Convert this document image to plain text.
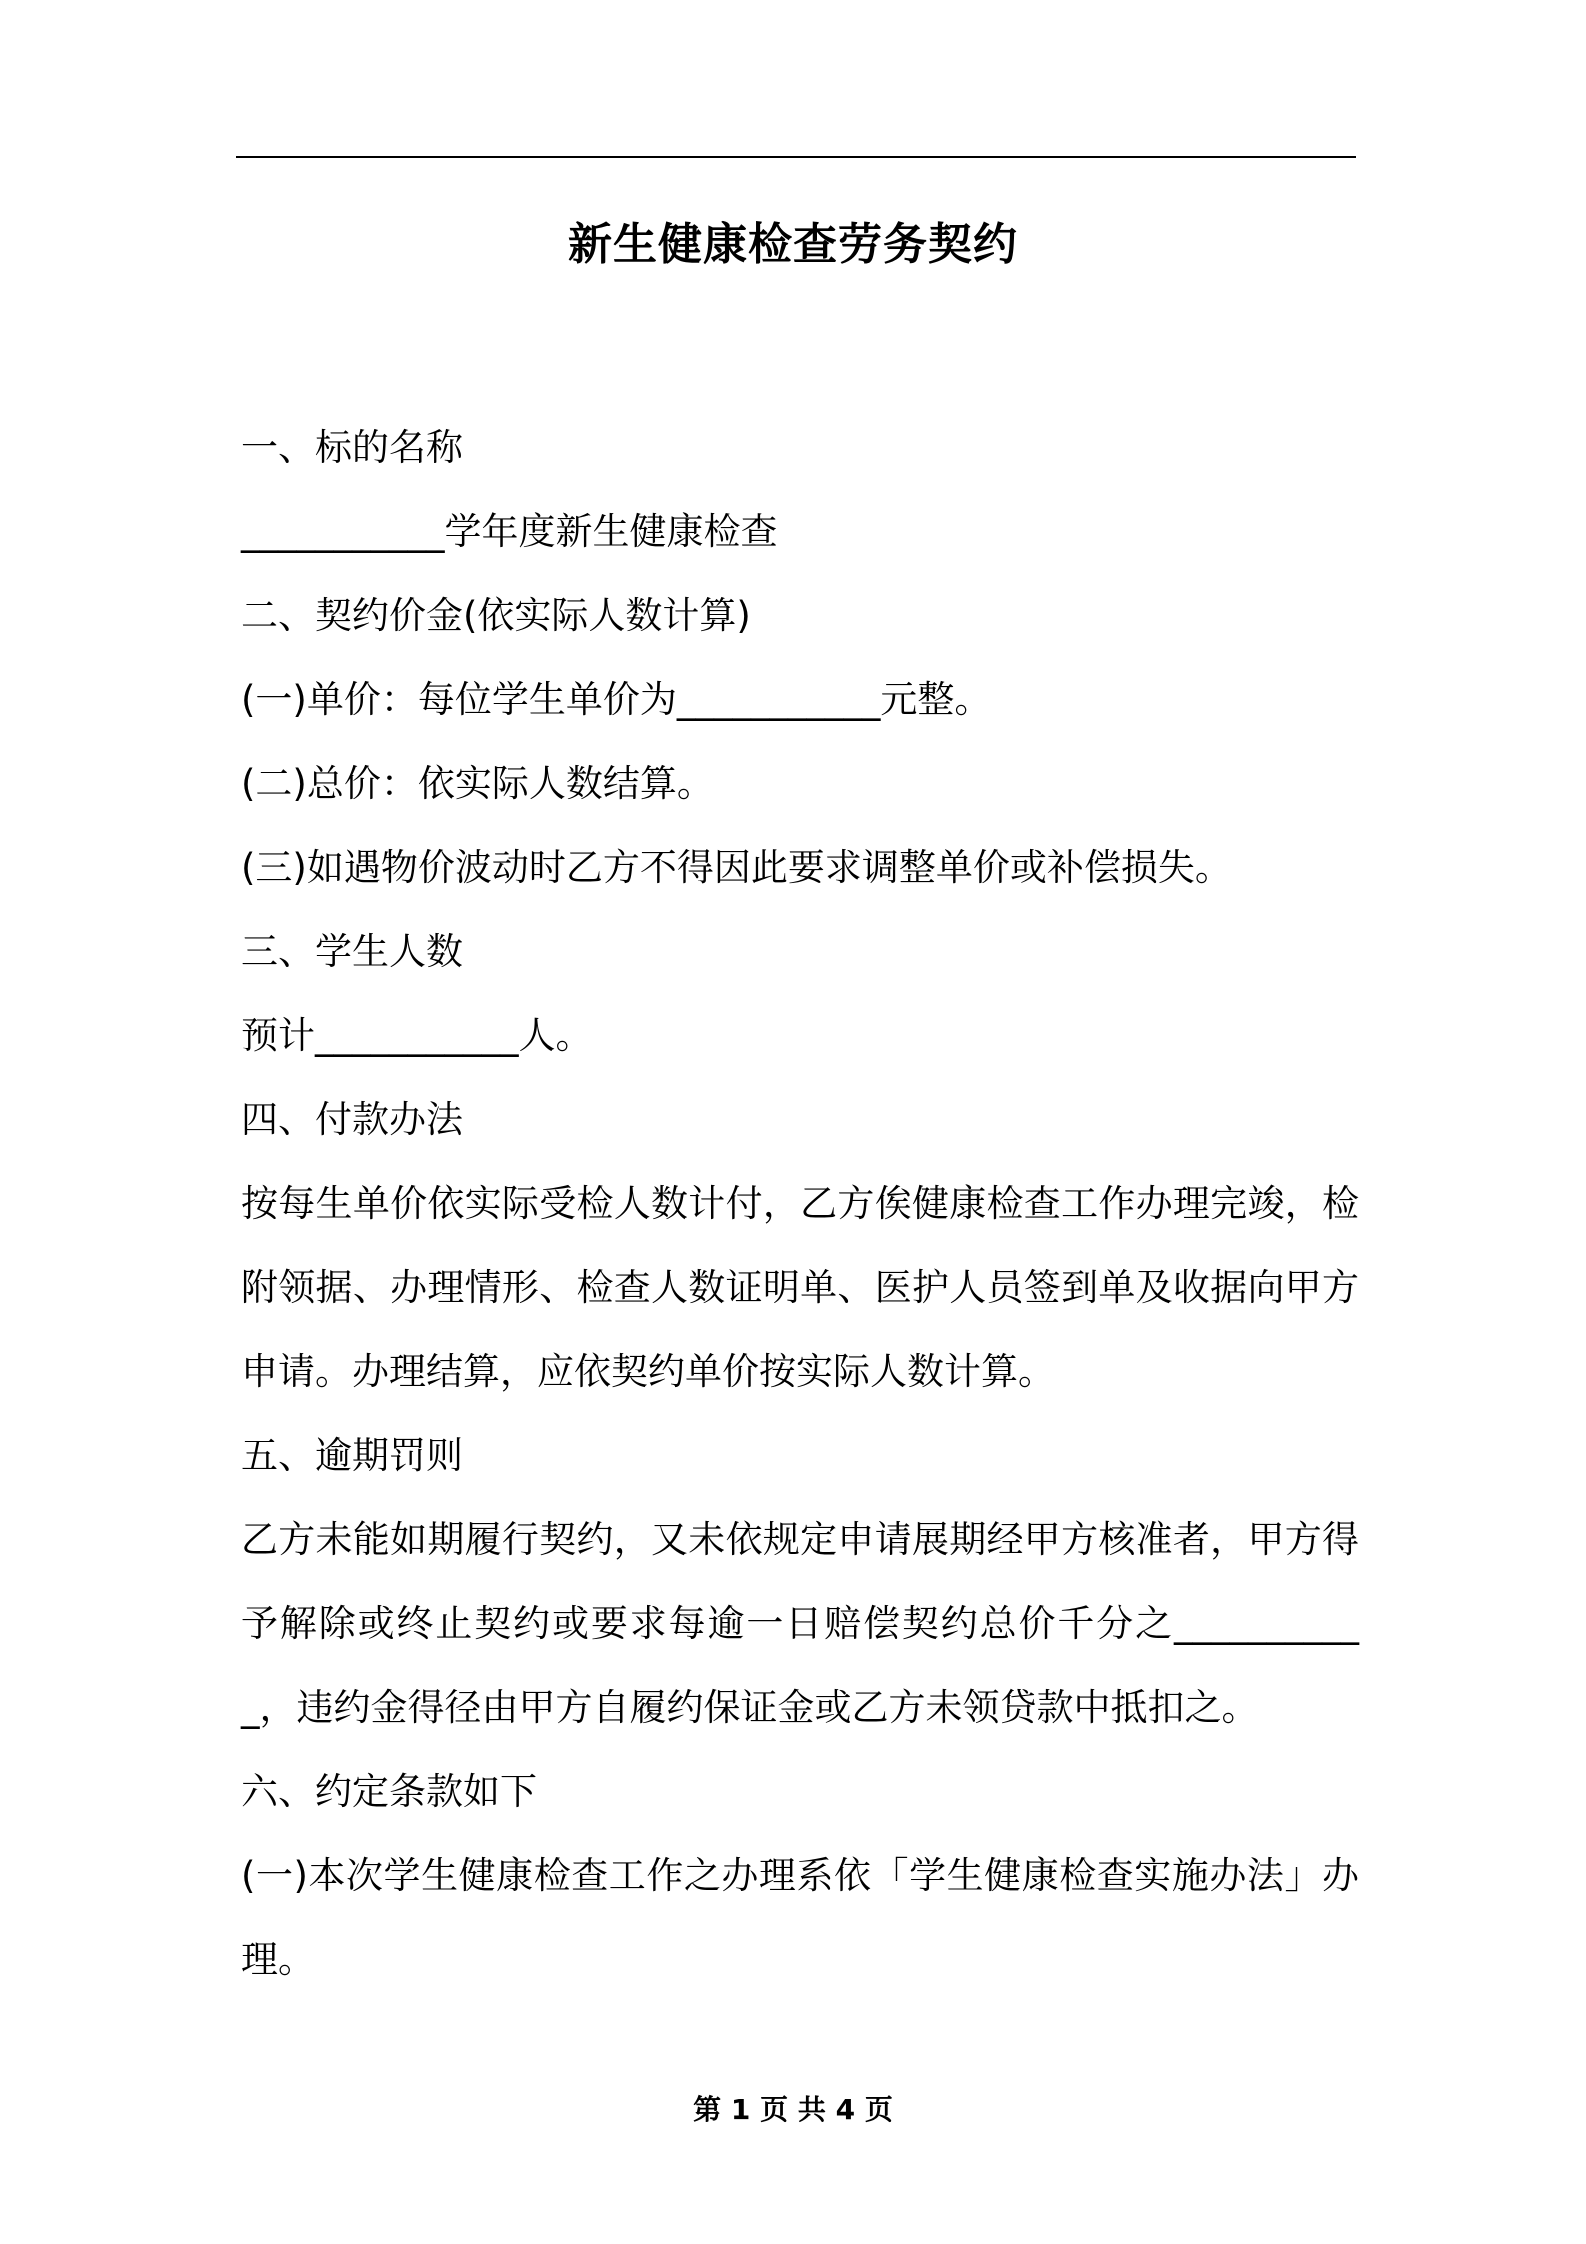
新生健康检查劳务契约

一、标的名称

___________学年度新生健康检查

二、契约价金(依实际人数计算)

(一)单价：每位学生单价为___________元整。

(二)总价：依实际人数结算。

(三)如遇物价波动时乙方不得因此要求调整单价或补偿损失。

三、学生人数

预计___________人。

四、付款办法

按每生单价依实际受检人数计付，乙方俟健康检查工作办理完竣，检附领据、办理情形、检查人数证明单、医护人员签到单及收据向甲方申请。办理结算，应依契约单价按实际人数计算。

五、逾期罚则

乙方未能如期履行契约，又未依规定申请展期经甲方核准者，甲方得予解除或终止契约或要求每逾一日赔偿契约总价千分之___________，违约金得径由甲方自履约保证金或乙方未领贷款中抵扣之。

六、约定条款如下

(一)本次学生健康检查工作之办理系依「学生健康检查实施办法」办理。

第 1 页 共 4 页
